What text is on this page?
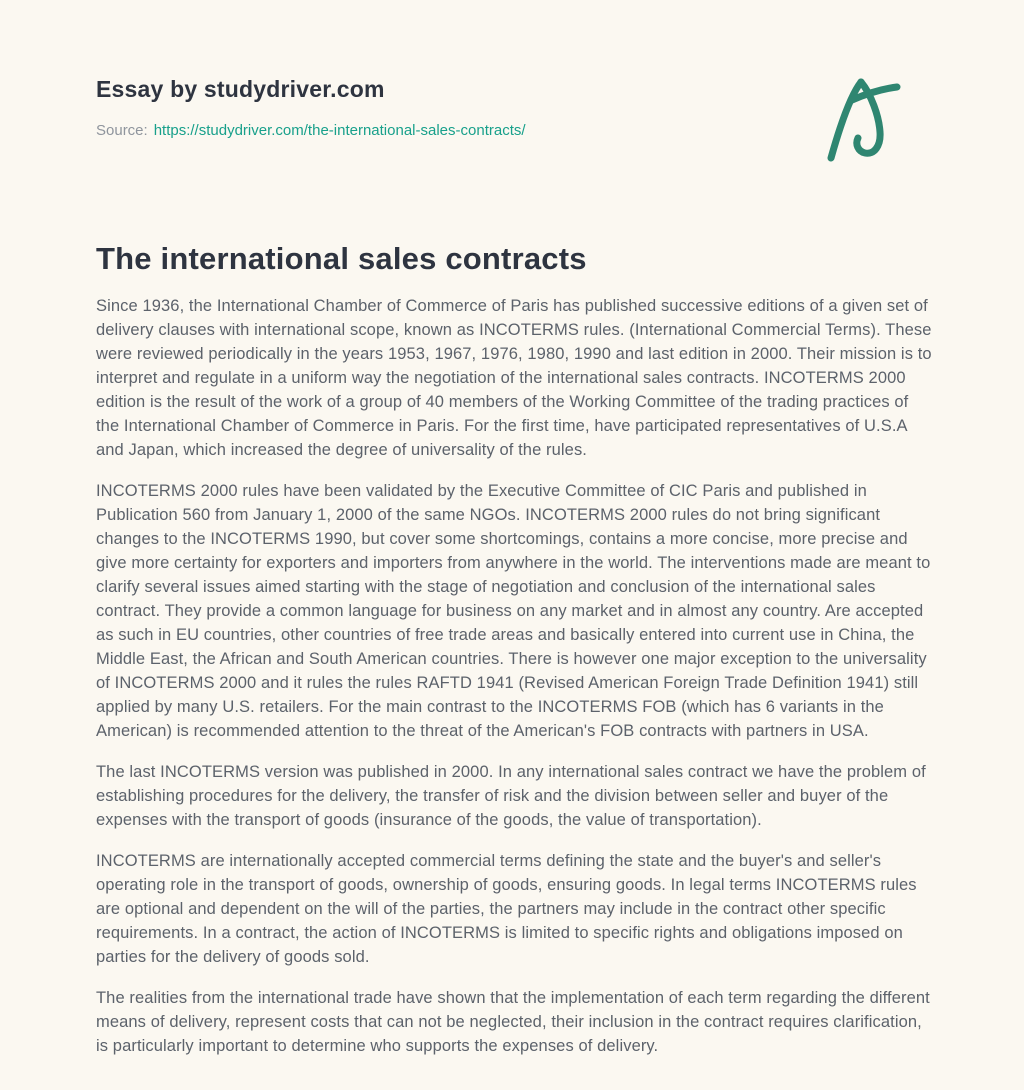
Essay by studydriver.com
Source: https://studydriver.com/the-international-sales-contracts/
The international sales contracts

Since 1936, the International Chamber of Commerce of Paris has published successive editions of a given set of delivery clauses with international scope, known as INCOTERMS rules. (International Commercial Terms). These were reviewed periodically in the years 1953, 1967, 1976, 1980, 1990 and last edition in 2000. Their mission is to interpret and regulate in a uniform way the negotiation of the international sales contracts. INCOTERMS 2000 edition is the result of the work of a group of 40 members of the Working Committee of the trading practices of the International Chamber of Commerce in Paris. For the first time, have participated representatives of U.S.A and Japan, which increased the degree of universality of the rules.

INCOTERMS 2000 rules have been validated by the Executive Committee of CIC Paris and published in Publication 560 from January 1, 2000 of the same NGOs. INCOTERMS 2000 rules do not bring significant changes to the INCOTERMS 1990, but cover some shortcomings, contains a more concise, more precise and give more certainty for exporters and importers from anywhere in the world. The interventions made are meant to clarify several issues aimed starting with the stage of negotiation and conclusion of the international sales contract. They provide a common language for business on any market and in almost any country. Are accepted as such in EU countries, other countries of free trade areas and basically entered into current use in China, the Middle East, the African and South American countries. There is however one major exception to the universality of INCOTERMS 2000 and it rules the rules RAFTD 1941 (Revised American Foreign Trade Definition 1941) still applied by many U.S. retailers. For the main contrast to the INCOTERMS FOB (which has 6 variants in the American) is recommended attention to the threat of the American's FOB contracts with partners in USA.

The last INCOTERMS version was published in 2000. In any international sales contract we have the problem of establishing procedures for the delivery, the transfer of risk and the division between seller and buyer of the expenses with the transport of goods (insurance of the goods, the value of transportation).

INCOTERMS are internationally accepted commercial terms defining the state and the buyer's and seller's operating role in the transport of goods, ownership of goods, ensuring goods. In legal terms INCOTERMS rules are optional and dependent on the will of the parties, the partners may include in the contract other specific requirements. In a contract, the action of INCOTERMS is limited to specific rights and obligations imposed on parties for the delivery of goods sold.

The realities from the international trade have shown that the implementation of each term regarding the different means of delivery, represent costs that can not be neglected, their inclusion in the contract requires clarification, is particularly important to determine who supports the expenses of delivery.
